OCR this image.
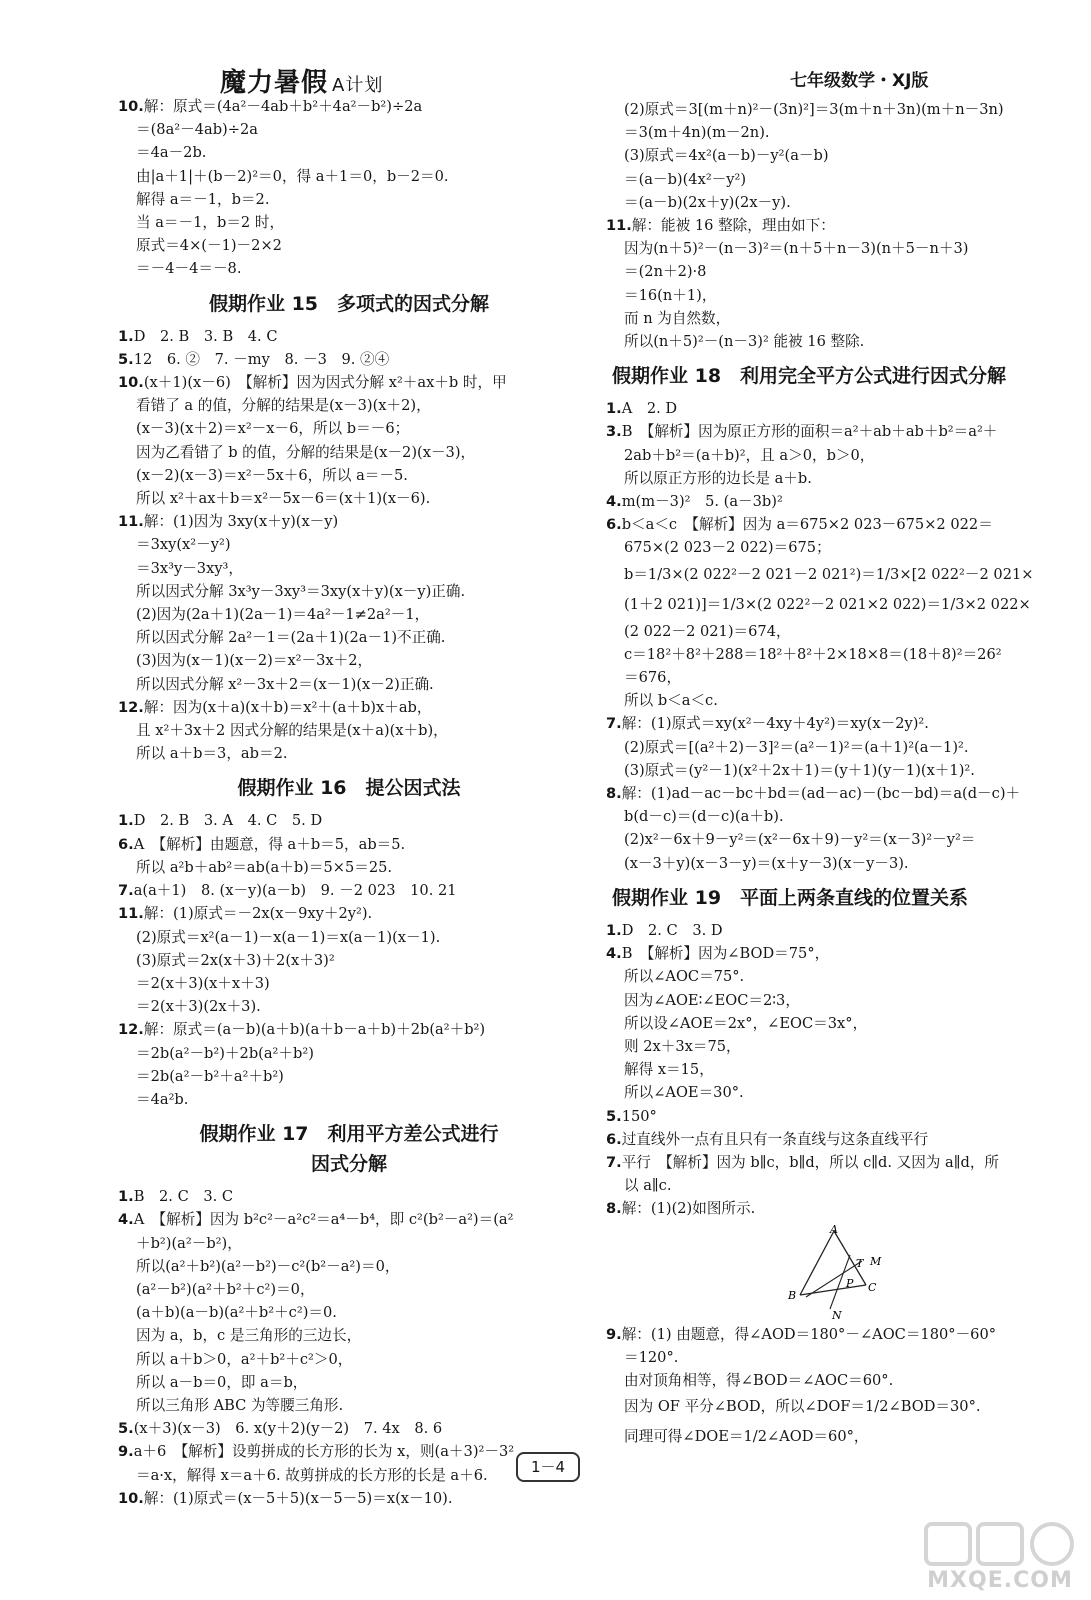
魔力暑假 A计划	七年级数学・XJ版
10.解：原式＝(4a²－4ab＋b²＋4a²－b²)÷2a
＝(8a²－4ab)÷2a
＝4a－2b.
由|a＋1|＋(b－2)²＝0，得 a＋1＝0，b－2＝0.
解得 a＝－1，b＝2.
当 a＝－1，b＝2 时，
原式＝4×(－1)－2×2
＝－4－4＝－8.
假期作业 15　多项式的因式分解
1.D　2. B　3. B　4. C
5.12　6. ②　7. －my　8. －3　9. ②④
10.(x＋1)(x－6)　【解析】因为因式分解 x²＋ax＋b 时，甲
看错了 a 的值，分解的结果是(x－3)(x＋2)，
(x－3)(x＋2)＝x²－x－6，所以 b＝－6；
因为乙看错了 b 的值，分解的结果是(x－2)(x－3)，
(x－2)(x－3)＝x²－5x＋6，所以 a＝－5.
所以 x²＋ax＋b＝x²－5x－6＝(x＋1)(x－6).
11.解：(1)因为 3xy(x＋y)(x－y)
＝3xy(x²－y²)
＝3x³y－3xy³，
所以因式分解 3x³y－3xy³＝3xy(x＋y)(x－y)正确.
(2)因为(2a＋1)(2a－1)＝4a²－1≠2a²－1，
所以因式分解 2a²－1＝(2a＋1)(2a－1)不正确.
(3)因为(x－1)(x－2)＝x²－3x＋2，
所以因式分解 x²－3x＋2＝(x－1)(x－2)正确.
12.解：因为(x＋a)(x＋b)＝x²＋(a＋b)x＋ab，
且 x²＋3x＋2 因式分解的结果是(x＋a)(x＋b)，
所以 a＋b＝3，ab＝2.
假期作业 16　提公因式法
1.D　2. B　3. A　4. C　5. D
6.A　【解析】由题意，得 a＋b＝5，ab＝5.
所以 a²b＋ab²＝ab(a＋b)＝5×5＝25.
7.a(a＋1)　8. (x－y)(a－b)　9. －2 023　10. 21
11.解：(1)原式＝－2x(x－9xy＋2y²).
(2)原式＝x²(a－1)－x(a－1)＝x(a－1)(x－1).
(3)原式＝2x(x＋3)＋2(x＋3)²
＝2(x＋3)(x＋x＋3)
＝2(x＋3)(2x＋3).
12.解：原式＝(a－b)(a＋b)(a＋b－a＋b)＋2b(a²＋b²)
＝2b(a²－b²)＋2b(a²＋b²)
＝2b(a²－b²＋a²＋b²)
＝4a²b.
假期作业 17　利用平方差公式进行
因式分解
1.B　2. C　3. C
4.A　【解析】因为 b²c²－a²c²＝a⁴－b⁴，即 c²(b²－a²)＝(a²
＋b²)(a²－b²)，
所以(a²＋b²)(a²－b²)－c²(b²－a²)＝0，
(a²－b²)(a²＋b²＋c²)＝0，
(a＋b)(a－b)(a²＋b²＋c²)＝0.
因为 a，b，c 是三角形的三边长，
所以 a＋b＞0，a²＋b²＋c²＞0，
所以 a－b＝0，即 a＝b，
所以三角形 ABC 为等腰三角形.
5.(x＋3)(x－3)　6. x(y＋2)(y－2)　7. 4x　8. 6
9.a＋6　【解析】设剪拼成的长方形的长为 x，则(a＋3)²－3²
＝a·x，解得 x＝a＋6. 故剪拼成的长方形的长是 a＋6.
10.解：(1)原式＝(x－5＋5)(x－5－5)＝x(x－10).
(2)原式＝3[(m＋n)²－(3n)²]＝3(m＋n＋3n)(m＋n－3n)
＝3(m＋4n)(m－2n).
(3)原式＝4x²(a－b)－y²(a－b)
＝(a－b)(4x²－y²)
＝(a－b)(2x＋y)(2x－y).
11.解：能被 16 整除，理由如下：
因为(n＋5)²－(n－3)²＝(n＋5＋n－3)(n＋5－n＋3)
＝(2n＋2)·8
＝16(n＋1)，
而 n 为自然数，
所以(n＋5)²－(n－3)² 能被 16 整除.
假期作业 18　利用完全平方公式进行因式分解
1.A　2. D
3.B　【解析】因为原正方形的面积＝a²＋ab＋ab＋b²＝a²＋
2ab＋b²＝(a＋b)²，且 a＞0，b＞0，
所以原正方形的边长是 a＋b.
4.m(m－3)²　5. (a－3b)²
6.b＜a＜c　【解析】因为 a＝675×2 023－675×2 022＝
675×(2 023－2 022)＝675；
b＝1/3×(2 022²－2 021－2 021²)＝1/3×[2 022²－2 021×
(1＋2 021)]＝1/3×(2 022²－2 021×2 022)＝1/3×2 022×
(2 022－2 021)＝674，
c＝18²＋8²＋288＝18²＋8²＋2×18×8＝(18＋8)²＝26²
＝676，
所以 b＜a＜c.
7.解：(1)原式＝xy(x²－4xy＋4y²)＝xy(x－2y)².
(2)原式＝[(a²＋2)－3]²＝(a²－1)²＝(a＋1)²(a－1)².
(3)原式＝(y²－1)(x²＋2x＋1)＝(y＋1)(y－1)(x＋1)².
8.解：(1)ad－ac－bc＋bd＝(ad－ac)－(bc－bd)＝a(d－c)＋
b(d－c)＝(d－c)(a＋b).
(2)x²－6x＋9－y²＝(x²－6x＋9)－y²＝(x－3)²－y²＝
(x－3＋y)(x－3－y)＝(x＋y－3)(x－y－3).
假期作业 19　平面上两条直线的位置关系
1.D　2. C　3. D
4.B　【解析】因为∠BOD＝75°，
所以∠AOC＝75°.
因为∠AOE∶∠EOC＝2∶3，
所以设∠AOE＝2x°，∠EOC＝3x°，
则 2x＋3x＝75，
解得 x＝15，
所以∠AOE＝30°.
5.150°
6.过直线外一点有且只有一条直线与这条直线平行
7.平行　【解析】因为 b∥c，b∥d，所以 c∥d. 又因为 a∥d，所
以 a∥c.
8.解：(1)(2)如图所示.
A
B
C
T M
P
N
9.解：(1) 由题意，得∠AOD＝180°－∠AOC＝180°－60°
＝120°.
由对顶角相等，得∠BOD＝∠AOC＝60°.
因为 OF 平分∠BOD，所以∠DOF＝1/2∠BOD＝30°.
同理可得∠DOE＝1/2∠AOD＝60°，
1－4
MXQE.COM
